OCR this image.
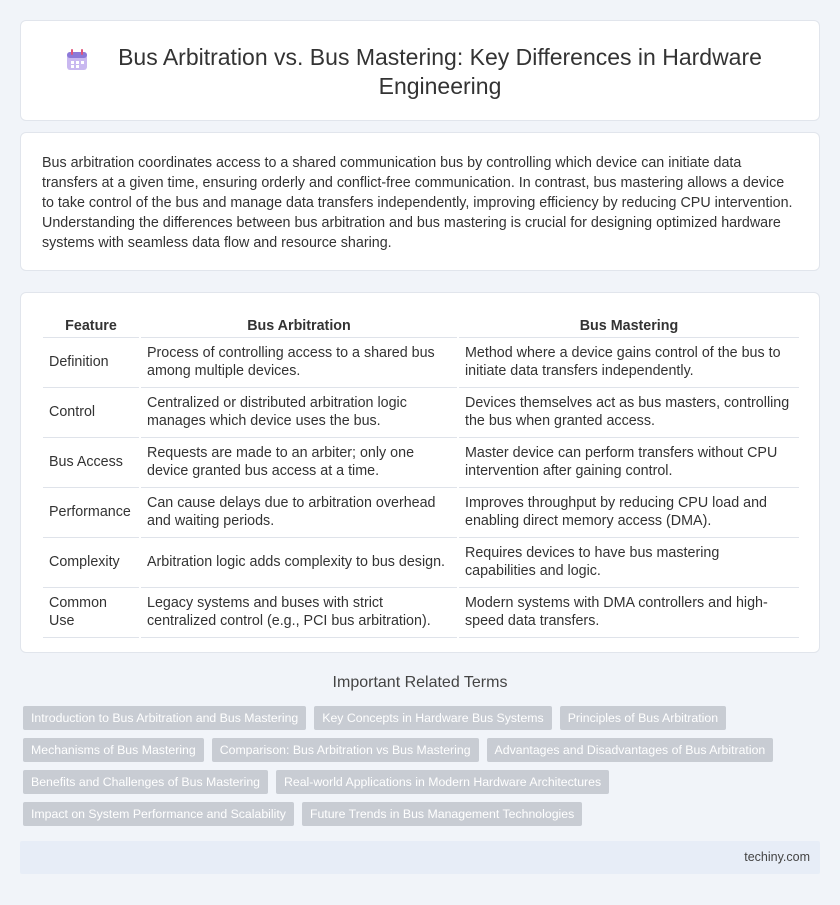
Bus Arbitration vs. Bus Mastering: Key Differences in Hardware Engineering

Bus arbitration coordinates access to a shared communication bus by controlling which device can initiate data transfers at a given time, ensuring orderly and conflict-free communication. In contrast, bus mastering allows a device to take control of the bus and manage data transfers independently, improving efficiency by reducing CPU intervention. Understanding the differences between bus arbitration and bus mastering is crucial for designing optimized hardware systems with seamless data flow and resource sharing.

Feature		Bus Arbitration		Bus Mastering
Definition		Process of controlling access to a shared bus among multiple devices.		Method where a device gains control of the bus to initiate data transfers independently.
Control		Centralized or distributed arbitration logic manages which device uses the bus.		Devices themselves act as bus masters, controlling the bus when granted access.
Bus Access		Requests are made to an arbiter; only one device granted bus access at a time.		Master device can perform transfers without CPU intervention after gaining control.
Performance		Can cause delays due to arbitration overhead and waiting periods.		Improves throughput by reducing CPU load and enabling direct memory access (DMA).
Complexity		Arbitration logic adds complexity to bus design.		Requires devices to have bus mastering capabilities and logic.
Common Use		Legacy systems and buses with strict centralized control (e.g., PCI bus arbitration).		Modern systems with DMA controllers and high-speed data transfers.
Important Related Terms
Introduction to Bus Arbitration and Bus Mastering	Key Concepts in Hardware Bus Systems	Principles of Bus Arbitration
Mechanisms of Bus Mastering	Comparison: Bus Arbitration vs Bus Mastering	Advantages and Disadvantages of Bus Arbitration
Benefits and Challenges of Bus Mastering	Real-world Applications in Modern Hardware Architectures
Impact on System Performance and Scalability	Future Trends in Bus Management Technologies
techiny.com
